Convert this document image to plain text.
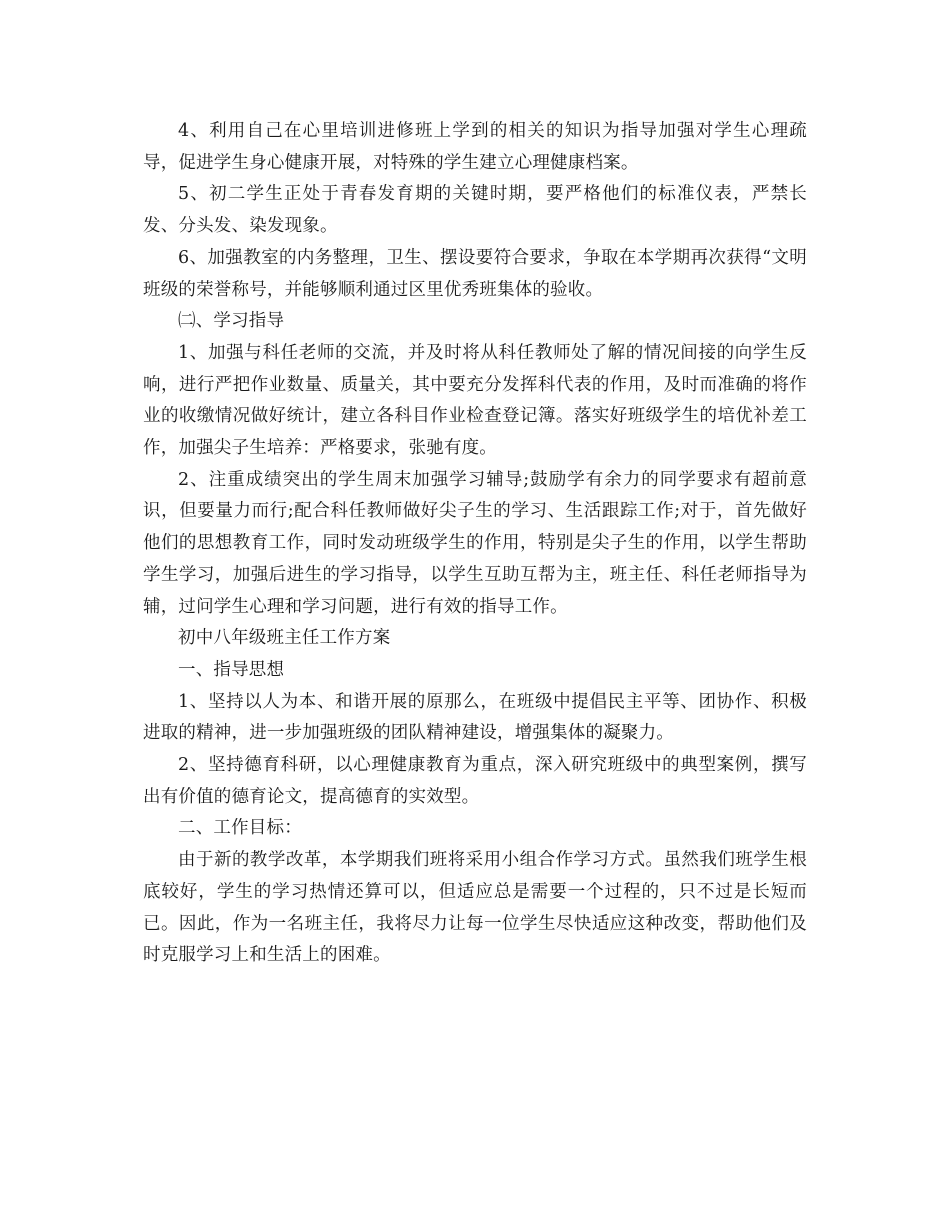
4、利用自己在心里培训进修班上学到的相关的知识为指导加强对学生心理疏导，促进学生身心健康开展，对特殊的学生建立心理健康档案。

5、初二学生正处于青春发育期的关键时期，要严格他们的标准仪表，严禁长发、分头发、染发现象。

6、加强教室的内务整理，卫生、摆设要符合要求，争取在本学期再次获得“文明班级的荣誉称号，并能够顺利通过区里优秀班集体的验收。

㈡、学习指导

1、加强与科任老师的交流，并及时将从科任教师处了解的情况间接的向学生反响，进行严把作业数量、质量关，其中要充分发挥科代表的作用，及时而准确的将作业的收缴情况做好统计，建立各科目作业检查登记簿。落实好班级学生的培优补差工作，加强尖子生培养：严格要求，张驰有度。

2、注重成绩突出的学生周末加强学习辅导;鼓励学有余力的同学要求有超前意识，但要量力而行;配合科任教师做好尖子生的学习、生活跟踪工作;对于，首先做好他们的思想教育工作，同时发动班级学生的作用，特别是尖子生的作用，以学生帮助学生学习，加强后进生的学习指导，以学生互助互帮为主，班主任、科任老师指导为辅，过问学生心理和学习问题，进行有效的指导工作。

初中八年级班主任工作方案

一、指导思想

1、坚持以人为本、和谐开展的原那么，在班级中提倡民主平等、团协作、积极进取的精神，进一步加强班级的团队精神建设，增强集体的凝聚力。

2、坚持德育科研，以心理健康教育为重点，深入研究班级中的典型案例，撰写出有价值的德育论文，提高德育的实效型。

二、工作目标：

由于新的教学改革，本学期我们班将采用小组合作学习方式。虽然我们班学生根底较好，学生的学习热情还算可以，但适应总是需要一个过程的，只不过是长短而已。因此，作为一名班主任，我将尽力让每一位学生尽快适应这种改变，帮助他们及时克服学习上和生活上的困难。
